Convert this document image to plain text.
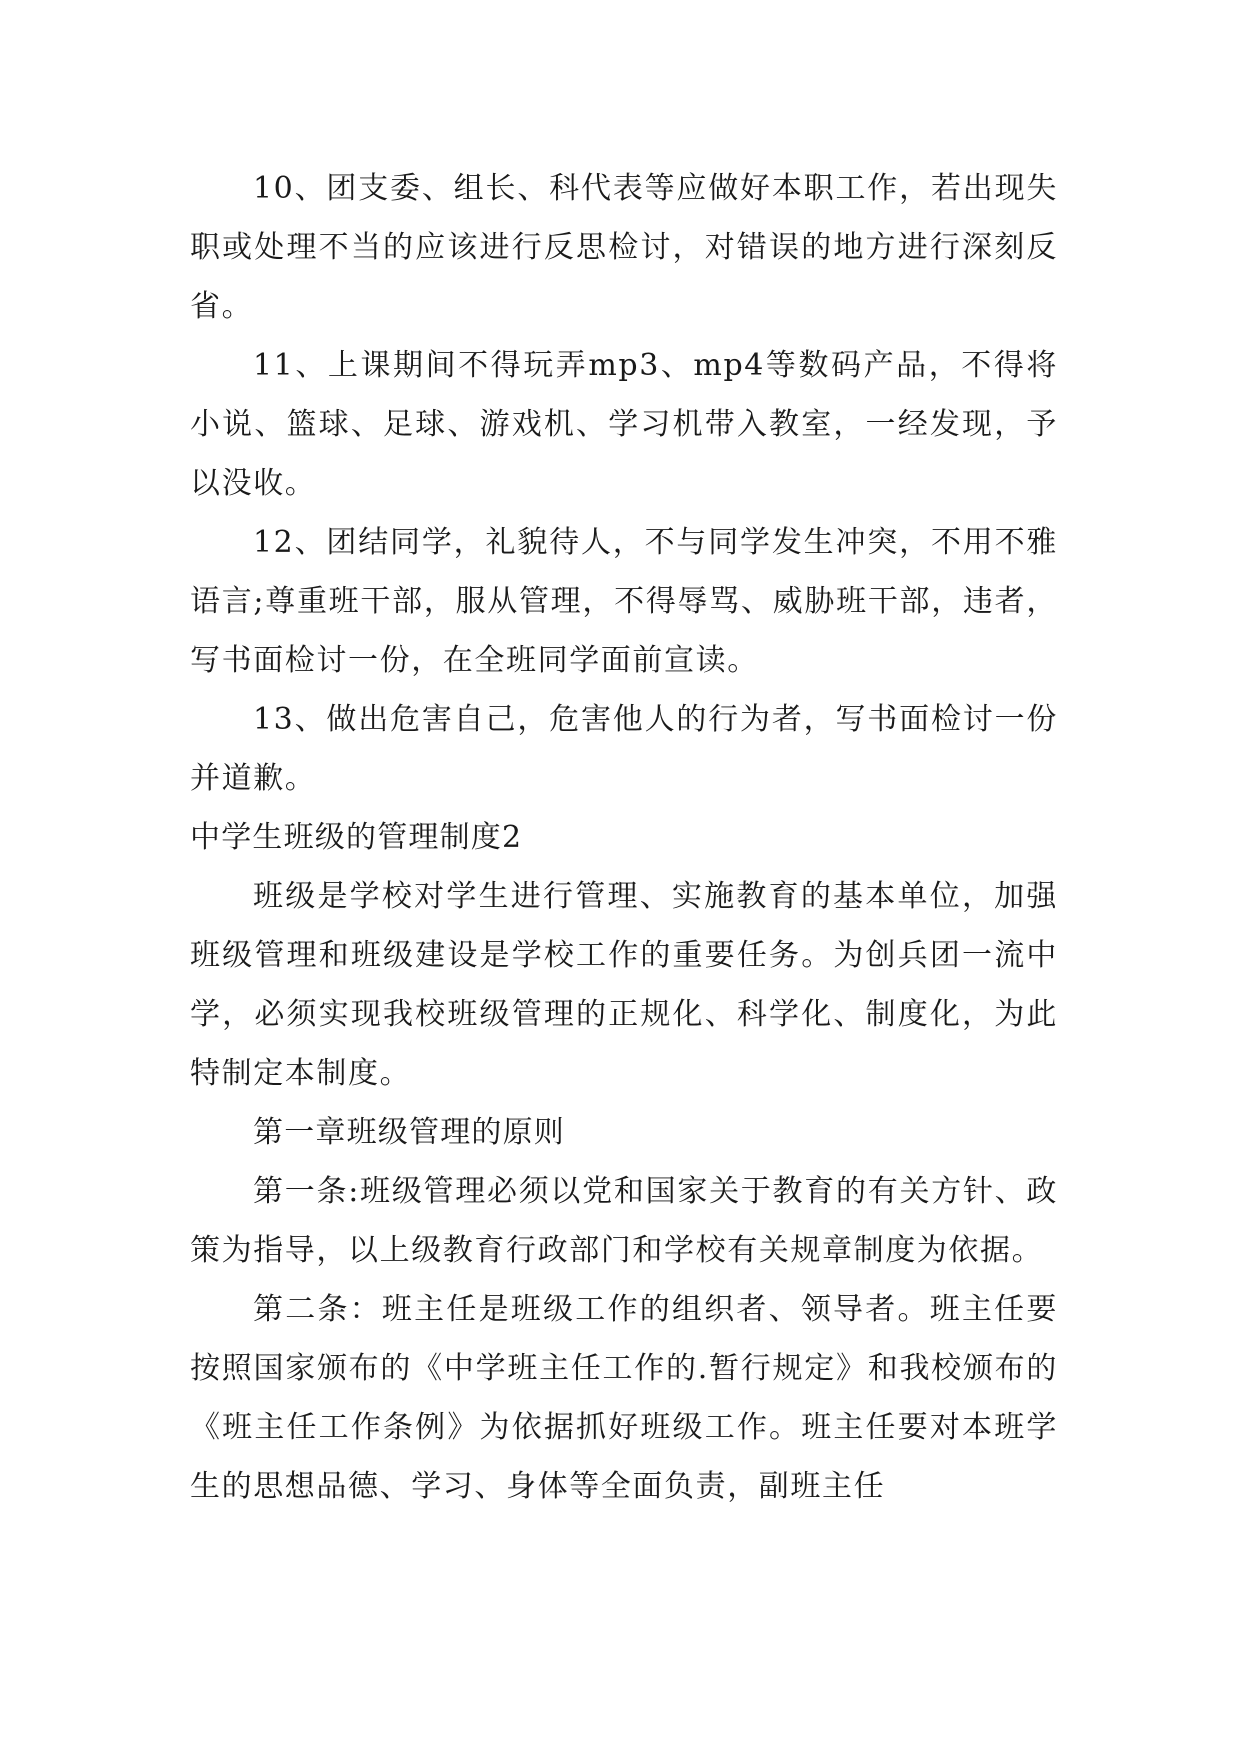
10、团支委、组长、科代表等应做好本职工作，若出现失职或处理不当的应该进行反思检讨，对错误的地方进行深刻反省。

11、上课期间不得玩弄mp3、mp4等数码产品，不得将小说、篮球、足球、游戏机、学习机带入教室，一经发现，予以没收。

12、团结同学，礼貌待人，不与同学发生冲突，不用不雅语言;尊重班干部，服从管理，不得辱骂、威胁班干部，违者，写书面检讨一份，在全班同学面前宣读。

13、做出危害自己，危害他人的行为者，写书面检讨一份并道歉。

中学生班级的管理制度2

班级是学校对学生进行管理、实施教育的基本单位，加强班级管理和班级建设是学校工作的重要任务。为创兵团一流中学，必须实现我校班级管理的正规化、科学化、制度化，为此特制定本制度。

第一章班级管理的原则

第一条:班级管理必须以党和国家关于教育的有关方针、政策为指导，以上级教育行政部门和学校有关规章制度为依据。

第二条：班主任是班级工作的组织者、领导者。班主任要按照国家颁布的《中学班主任工作的.暂行规定》和我校颁布的《班主任工作条例》为依据抓好班级工作。班主任要对本班学生的思想品德、学习、身体等全面负责，副班主任
